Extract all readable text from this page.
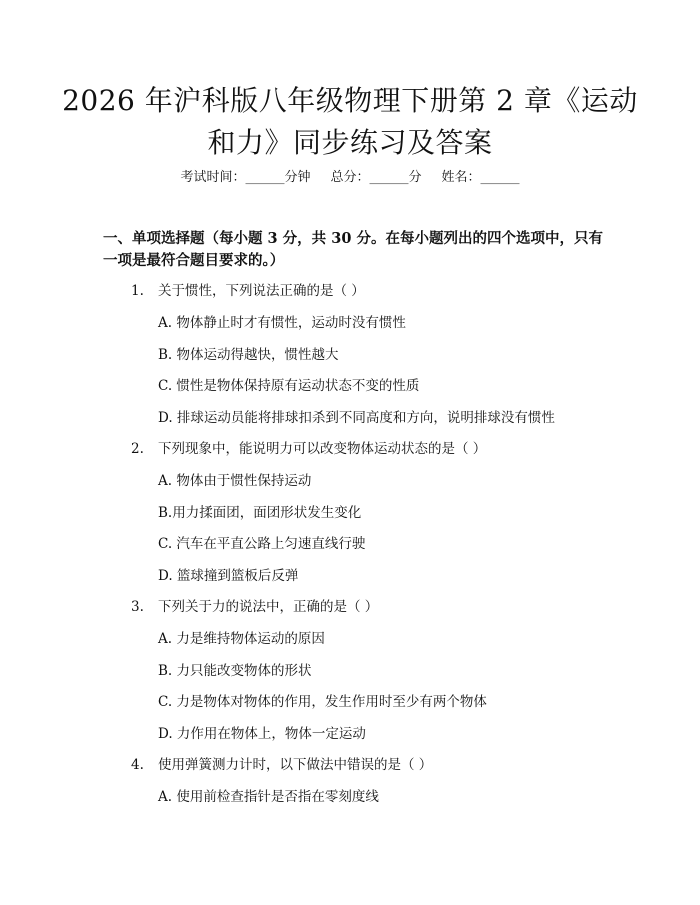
2026 年沪科版八年级物理下册第 2 章《运动和力》同步练习及答案
考试时间：______分钟 总分：______分 姓名：______
一、单项选择题（每小题 3 分，共 30 分。在每小题列出的四个选项中，只有一项是最符合题目要求的。）
1. 关于惯性，下列说法正确的是（ ）
A. 物体静止时才有惯性，运动时没有惯性
B. 物体运动得越快，惯性越大
C. 惯性是物体保持原有运动状态不变的性质
D. 排球运动员能将排球扣杀到不同高度和方向，说明排球没有惯性
2. 下列现象中，能说明力可以改变物体运动状态的是（ ）
A. 物体由于惯性保持运动
B.用力揉面团，面团形状发生变化
C. 汽车在平直公路上匀速直线行驶
D. 篮球撞到篮板后反弹
3. 下列关于力的说法中，正确的是（ ）
A. 力是维持物体运动的原因
B. 力只能改变物体的形状
C. 力是物体对物体的作用，发生作用时至少有两个物体
D. 力作用在物体上，物体一定运动
4. 使用弹簧测力计时，以下做法中错误的是（ ）
A. 使用前检查指针是否指在零刻度线
